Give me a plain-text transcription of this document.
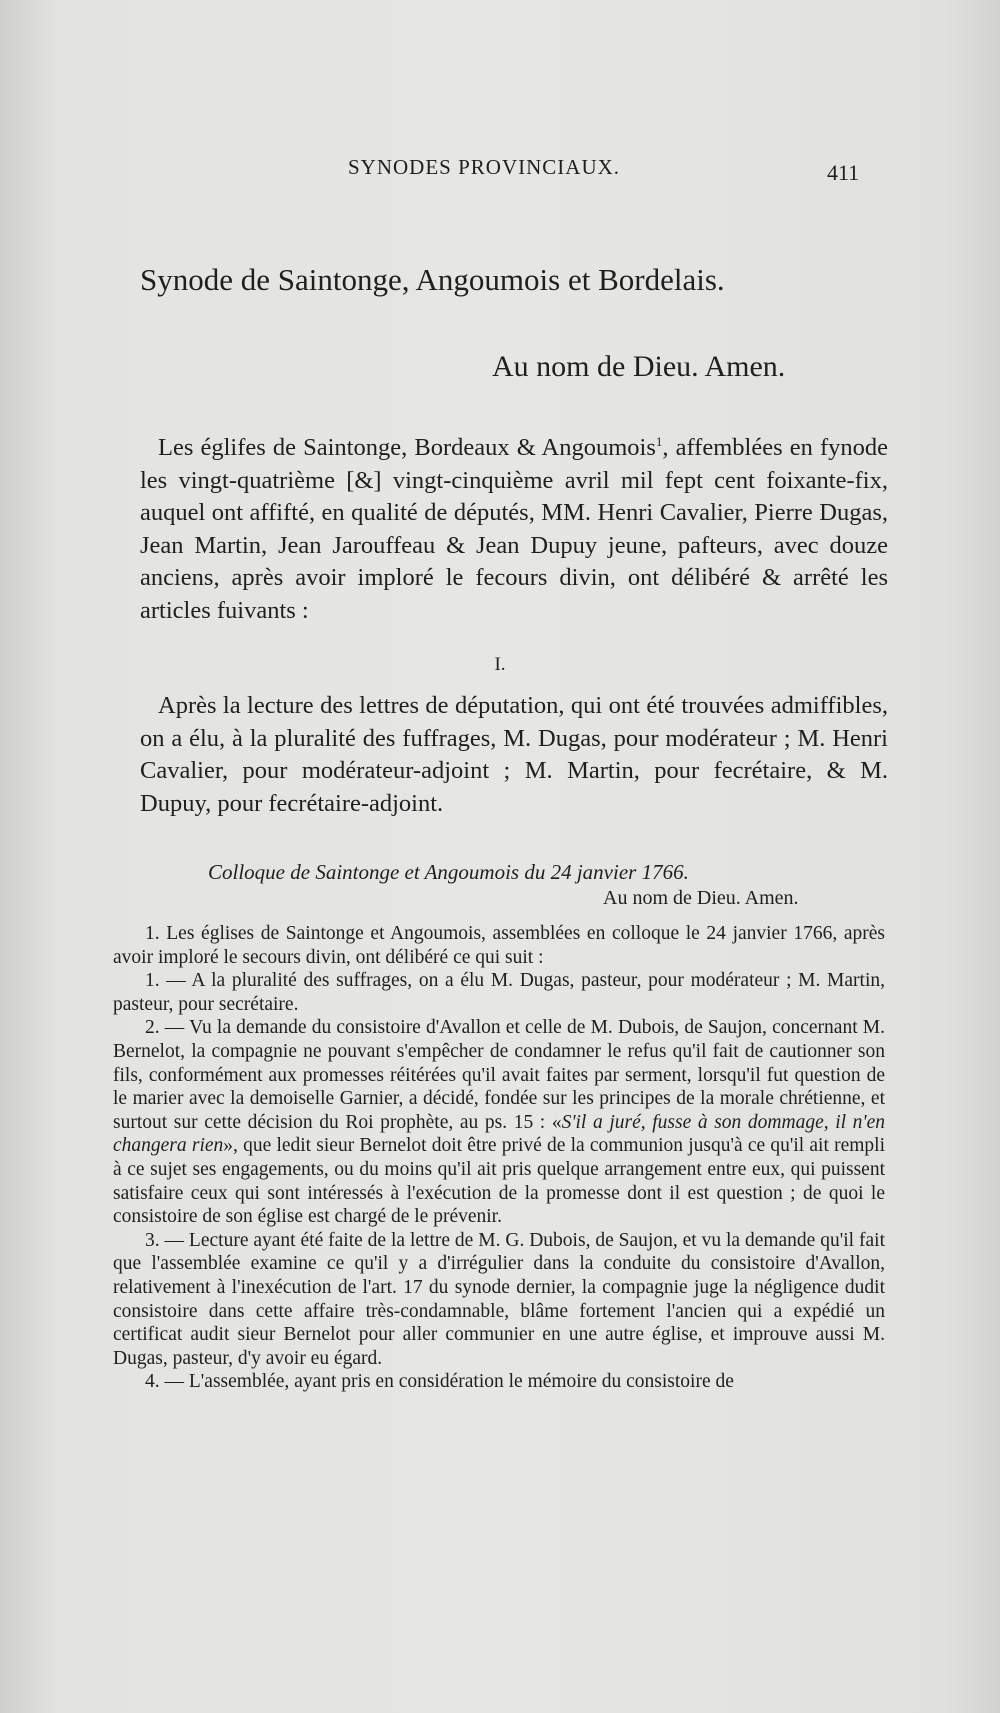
SYNODES PROVINCIAUX.	411
Synode de Saintonge, Angoumois et Bordelais.
Au nom de Dieu. Amen.
Les églifes de Saintonge, Bordeaux & Angoumois$^1$, affemblées en fynode les vingt-quatrième [&] vingt-cinquième avril mil fept cent foixante-fix, auquel ont affifté, en qualité de députés, MM. Henri Cavalier, Pierre Dugas, Jean Martin, Jean Jarouffeau & Jean Dupuy jeune, pafteurs, avec douze anciens, après avoir imploré le fecours divin, ont délibéré & arrêté les articles fuivants :
I.
Après la lecture des lettres de députation, qui ont été trouvées admiffibles, on a élu, à la pluralité des fuffrages, M. Dugas, pour modérateur ; M. Henri Cavalier, pour modérateur-adjoint ; M. Martin, pour fecrétaire, & M. Dupuy, pour fecrétaire-adjoint.
Colloque de Saintonge et Angoumois du 24 janvier 1766.
Au nom de Dieu. Amen.

1. Les églises de Saintonge et Angoumois, assemblées en colloque le 24 janvier 1766, après avoir imploré le secours divin, ont délibéré ce qui suit :

1. — A la pluralité des suffrages, on a élu M. Dugas, pasteur, pour modérateur ; M. Martin, pasteur, pour secrétaire.

2. — Vu la demande du consistoire d'Avallon et celle de M. Dubois, de Saujon, concernant M. Bernelot, la compagnie ne pouvant s'empêcher de condamner le refus qu'il fait de cautionner son fils, conformément aux promesses réitérées qu'il avait faites par serment, lorsqu'il fut question de le marier avec la demoiselle Garnier, a décidé, fondée sur les principes de la morale chrétienne, et surtout sur cette décision du Roi prophète, au ps. 15 : «S'il a juré, fusse à son dommage, il n'en changera rien», que ledit sieur Bernelot doit être privé de la communion jusqu'à ce qu'il ait rempli à ce sujet ses engagements, ou du moins qu'il ait pris quelque arrangement entre eux, qui puissent satisfaire ceux qui sont intéressés à l'exécution de la promesse dont il est question ; de quoi le consistoire de son église est chargé de le prévenir.

3. — Lecture ayant été faite de la lettre de M. G. Dubois, de Saujon, et vu la demande qu'il fait que l'assemblée examine ce qu'il y a d'irrégulier dans la conduite du consistoire d'Avallon, relativement à l'inexécution de l'art. 17 du synode dernier, la compagnie juge la négligence dudit consistoire dans cette affaire très-condamnable, blâme fortement l'ancien qui a expédié un certificat audit sieur Bernelot pour aller communier en une autre église, et improuve aussi M. Dugas, pasteur, d'y avoir eu égard.

4. — L'assemblée, ayant pris en considération le mémoire du consistoire de
